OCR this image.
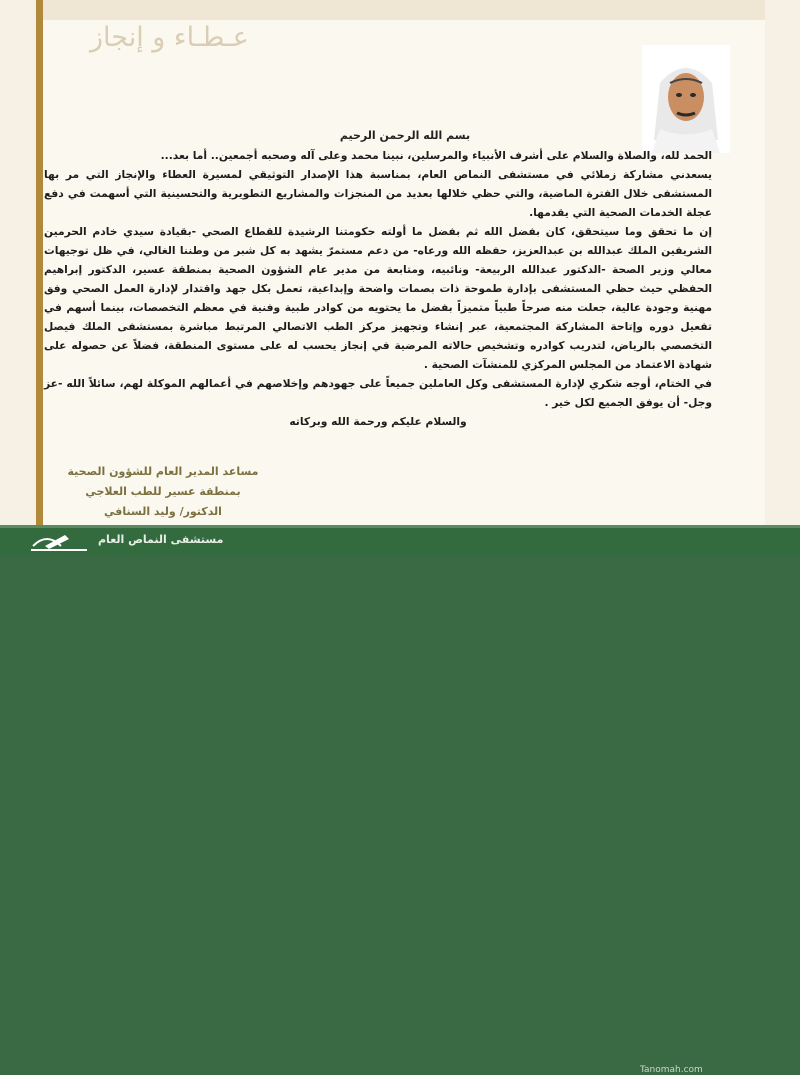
عـطـاء و إنجاز
بسم الله الرحمن الرحيم

الحمد لله، والصلاة والسلام على أشرف الأنبياء والمرسلين، نبينا محمد وعلى آله وصحبه أجمعين.. أما بعد...

يسعدني مشاركة زملائي في مستشفى النماص العام، بمناسبة هذا الإصدار التوثيقي لمسيرة العطاء والإنجاز التي مر بها المستشفى خلال الفترة الماضية، والتي حظي خلالها بعديد من المنجزات والمشاريع التطويرية والتحسينية التي أسهمت في دفع عجلة الخدمات الصحية التي يقدمها.

إن ما تحقق وما سيتحقق، كان بفضل الله ثم بفضل ما أولته حكومتنا الرشيدة للقطاع الصحي -بقيادة سيدي خادم الحرمين الشريفين الملك عبدالله بن عبدالعزيز، حفظه الله ورعاه- من دعم مستمرّ يشهد به كل شبر من وطننا الغالي، في ظل توجيهات معالي وزير الصحة -الدكتور عبدالله الربيعة- ونائبيه، ومتابعة من مدير عام الشؤون الصحية بمنطقة عسير، الدكتور إبراهيم الحفظي حيث حظي المستشفى بإدارة طموحة ذات بصمات واضحة وإبداعية، تعمل بكل جهد واقتدار لإدارة العمل الصحي وفق مهنية وجودة عالية، جعلت منه صرحاً طبياً متميزاً بفضل ما يحتويه من كوادر طبية وفنية في معظم التخصصات، بينما أسهم في تفعيل دوره وإتاحة المشاركة المجتمعية، عبر إنشاء وتجهيز مركز الطب الاتصالي المرتبط مباشرة بمستشفى الملك فيصل التخصصي بالرياض، لتدريب كوادره وتشخيص حالاته المرضية في إنجاز يحسب له على مستوى المنطقة، فضلاً عن حصوله على شهادة الاعتماد من المجلس المركزي للمنشآت الصحية .

في الختام، أوجه شكري لإدارة المستشفى وكل العاملين جميعاً على جهودهم وإخلاصهم في أعمالهم الموكلة لهم، سائلاً الله -عز وجل- أن يوفق الجميع لكل خير .

والسلام عليكم ورحمة الله وبركاته

مساعد المدير العام للشؤون الصحية
بمنطقة عسير للطب العلاجي
الدكتور/ وليد السنافي
مستشفى النماص العام
Tanomah.com
